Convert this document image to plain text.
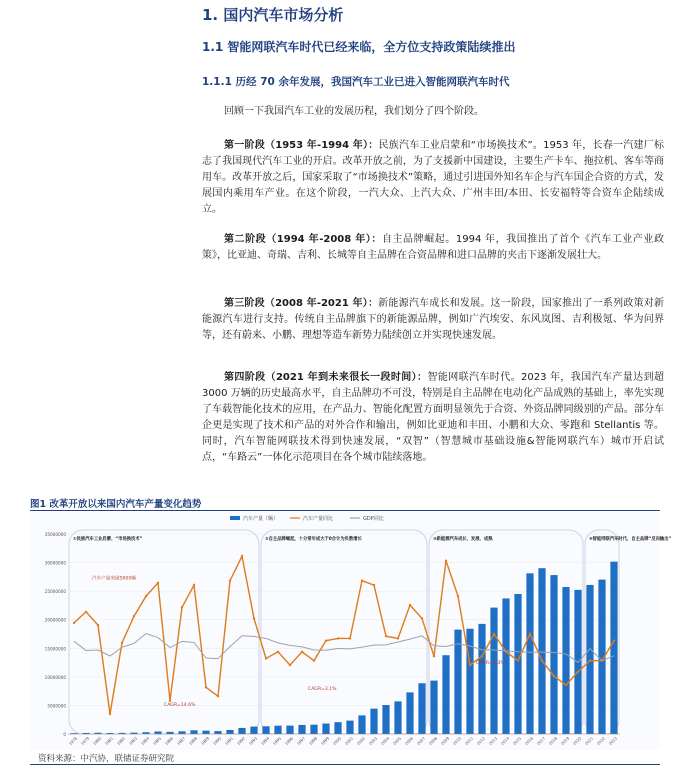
1. 国内汽车市场分析
1.1 智能网联汽车时代已经来临，全方位支持政策陆续推出
1.1.1 历经 70 余年发展，我国汽车工业已进入智能网联汽车时代

回顾一下我国汽车工业的发展历程，我们划分了四个阶段。

第一阶段（1953 年-1994 年）：民族汽车工业启蒙和“市场换技术”。1953 年，长春一汽建厂标志了我国现代汽车工业的开启。改革开放之前，为了支援新中国建设，主要生产卡车、拖拉机、客车等商用车。改革开放之后，国家采取了“市场换技术”策略，通过引进国外知名车企与汽车国企合资的方式，发展国内乘用车产业。在这个阶段，一汽大众、上汽大众、广州丰田/本田、长安福特等合资车企陆续成立。

第二阶段（1994 年-2008 年）：自主品牌崛起。1994 年，我国推出了首个《汽车工业产业政策》，比亚迪、奇瑞、吉利、长城等自主品牌在合资品牌和进口品牌的夹击下逐渐发展壮大。

第三阶段（2008 年-2021 年）：新能源汽车成长和发展。这一阶段，国家推出了一系列政策对新能源汽车进行支持。传统自主品牌旗下的新能源品牌，例如广汽埃安、东风岚图、吉利极氪、华为问界等，还有蔚来、小鹏、理想等造车新势力陆续创立并实现快速发展。

第四阶段（2021 年到未来很长一段时间）：智能网联汽车时代。2023 年，我国汽车产量达到超 3000 万辆的历史最高水平，自主品牌功不可没，特别是自主品牌在电动化产品成熟的基础上，率先实现了车载智能化技术的应用，在产品力、智能化配置方面明显领先于合资、外资品牌同级别的产品。部分车企更是实现了技术和产品的对外合作和输出，例如比亚迪和丰田、小鹏和大众、零跑和 Stellantis 等。同时，汽车智能网联技术得到快速发展，“双智”（智慧城市基础设施&智能网联汽车）城市开启试点，“车路云”一体化示范项目在各个城市陆续落地。

图1 改革开放以来国内汽车产量变化趋势
35000000
30000000
25000000
20000000
15000000
10000000
5000000
0
1978 1979 1980 1981 1982 1983 1984 1985 1986 1987 1988 1989 1990 1991 1992 1993 1994 1995 1996 1997 1998 1999 2000 2001 2002 2003 2004 2005 2006 2007 2008 2009 2010 2011 2012 2013 2014 2015 2016 2017 2018 2019 2020 2021 2022 2023
汽车产量（辆）	汽车产量同比	GDP同比
①民族汽车工业启蒙、“市场换技术”	②自主品牌崛起，十分常年成大于0合计为负数增长	③新能源汽车成长、发展、成熟	④智能网联汽车时代，自主品牌“反向输出”
汽车产量突破5000辆
CAGR=14.6%
CAGR=3.1%
CAGR=5.3%
资料来源：中汽协，联储证券研究院
